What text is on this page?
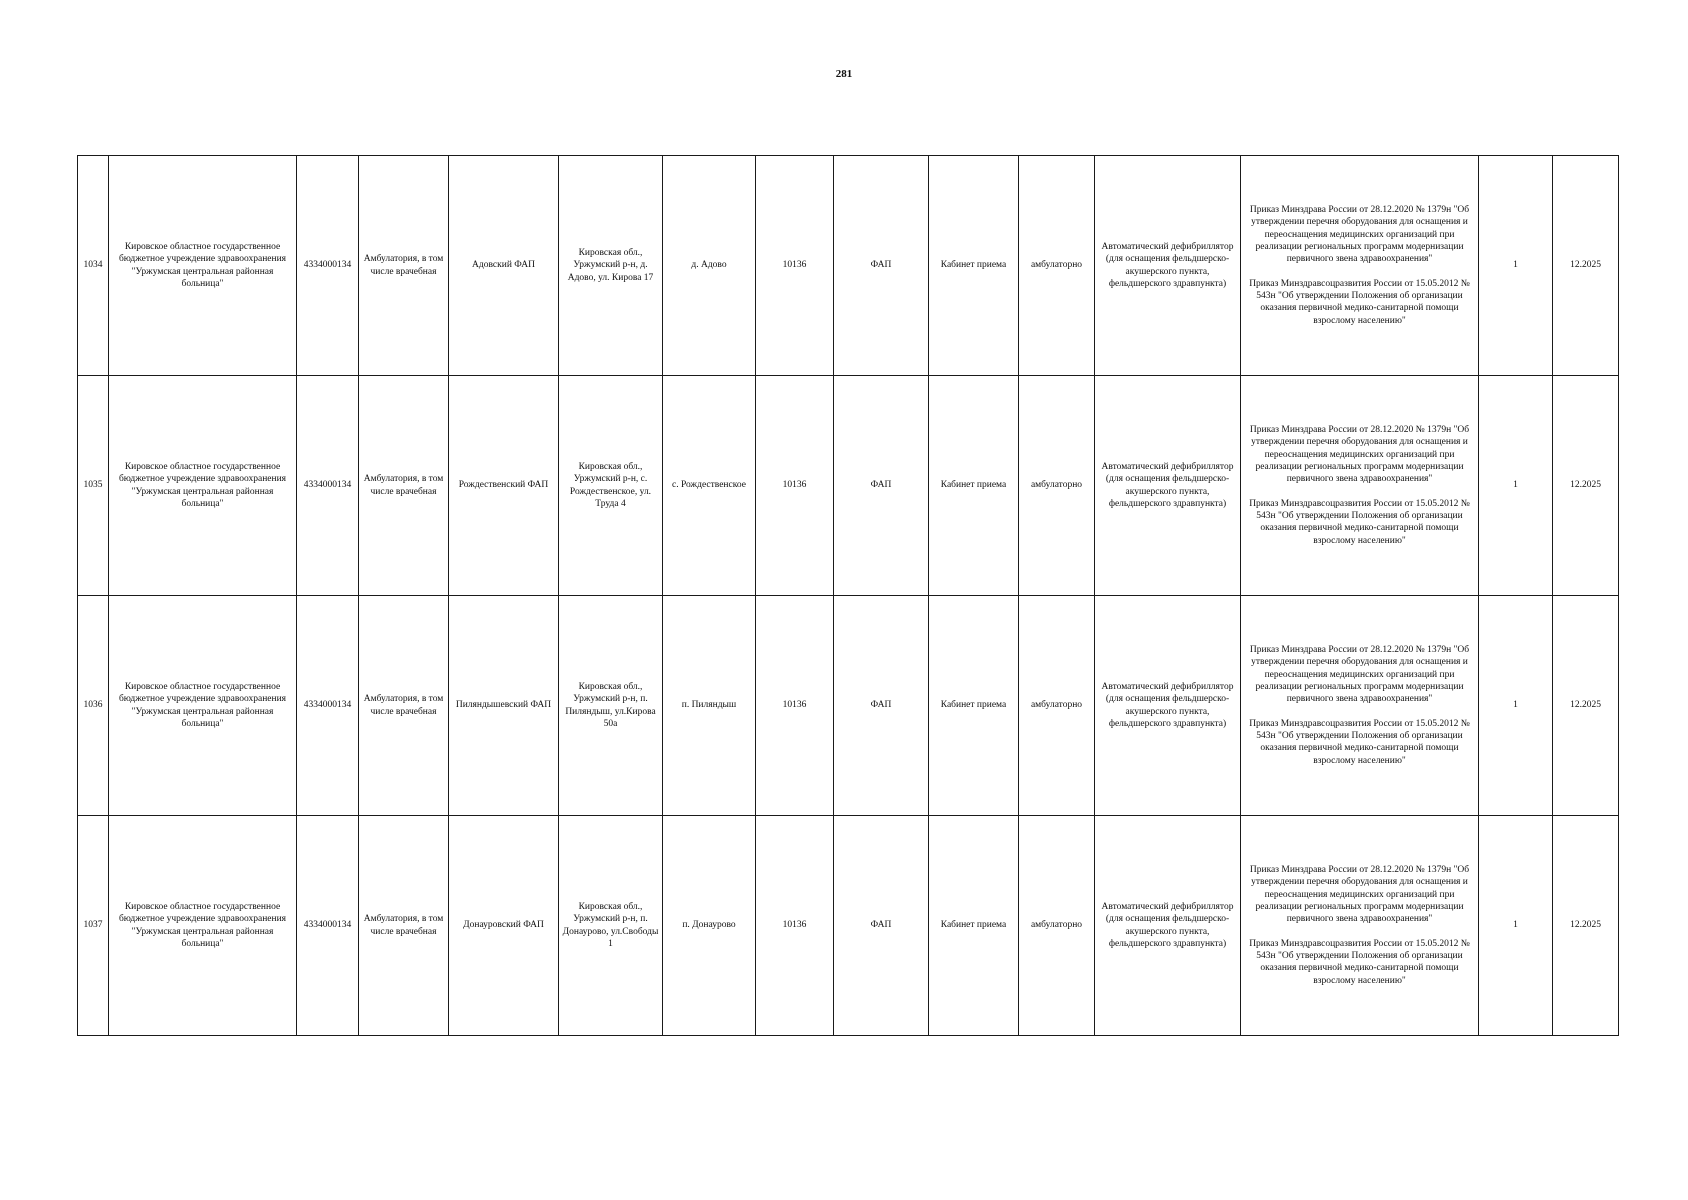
281
1034	Кировское областное государственное бюджетное учреждение здравоохранения "Уржумская центральная районная больница"	4334000134	Амбулатория, в том числе врачебная	Адовский ФАП	Кировская обл., Уржумский р-н, д. Адово, ул. Кирова 17	д. Адово	10136	ФАП	Кабинет приема	амбулаторно	Автоматический дефибриллятор (для оснащения фельдшерско-акушерского пункта, фельдшерского здравпункта)	Приказ Минздрава России от 28.12.2020 № 1379н "Об утверждении перечня оборудования для оснащения и переоснащения медицинских организаций при реализации региональных программ модернизации первичного звена здравоохранения"
Приказ Минздравсоцразвития России от 15.05.2012 № 543н "Об утверждении Положения об организации оказания первичной медико-санитарной помощи взрослому населению"	1	12.2025
1035	Кировское областное государственное бюджетное учреждение здравоохранения "Уржумская центральная районная больница"	4334000134	Амбулатория, в том числе врачебная	Рождественский ФАП	Кировская обл., Уржумский р-н, с. Рождественское, ул. Труда 4	с. Рождественское	10136	ФАП	Кабинет приема	амбулаторно	Автоматический дефибриллятор (для оснащения фельдшерско-акушерского пункта, фельдшерского здравпункта)	Приказ Минздрава России от 28.12.2020 № 1379н "Об утверждении перечня оборудования для оснащения и переоснащения медицинских организаций при реализации региональных программ модернизации первичного звена здравоохранения"
Приказ Минздравсоцразвития России от 15.05.2012 № 543н "Об утверждении Положения об организации оказания первичной медико-санитарной помощи взрослому населению"	1	12.2025
1036	Кировское областное государственное бюджетное учреждение здравоохранения "Уржумская центральная районная больница"	4334000134	Амбулатория, в том числе врачебная	Пиляндышевский ФАП	Кировская обл., Уржумский р-н, п. Пиляндыш, ул.Кирова 50а	п. Пиляндыш	10136	ФАП	Кабинет приема	амбулаторно	Автоматический дефибриллятор (для оснащения фельдшерско-акушерского пункта, фельдшерского здравпункта)	Приказ Минздрава России от 28.12.2020 № 1379н "Об утверждении перечня оборудования для оснащения и переоснащения медицинских организаций при реализации региональных программ модернизации первичного звена здравоохранения"
Приказ Минздравсоцразвития России от 15.05.2012 № 543н "Об утверждении Положения об организации оказания первичной медико-санитарной помощи взрослому населению"	1	12.2025
1037	Кировское областное государственное бюджетное учреждение здравоохранения "Уржумская центральная районная больница"	4334000134	Амбулатория, в том числе врачебная	Донауровский ФАП	Кировская обл., Уржумский р-н, п. Донаурово, ул.Свободы 1	п. Донаурово	10136	ФАП	Кабинет приема	амбулаторно	Автоматический дефибриллятор (для оснащения фельдшерско-акушерского пункта, фельдшерского здравпункта)	Приказ Минздрава России от 28.12.2020 № 1379н "Об утверждении перечня оборудования для оснащения и переоснащения медицинских организаций при реализации региональных программ модернизации первичного звена здравоохранения"
Приказ Минздравсоцразвития России от 15.05.2012 № 543н "Об утверждении Положения об организации оказания первичной медико-санитарной помощи взрослому населению"	1	12.2025
